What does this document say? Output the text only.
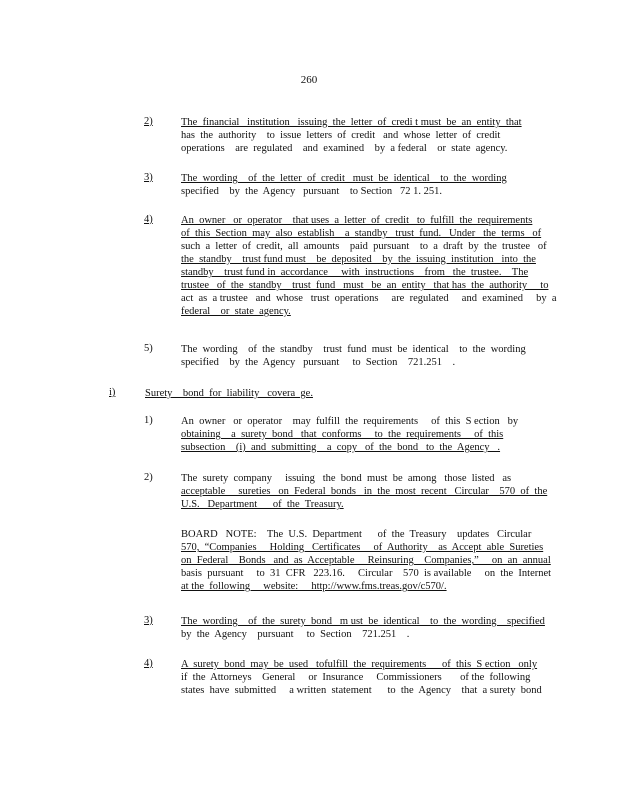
260
2)	The  financial   institution   issuing  the  letter  of  credi t must  be  an  entity  that
has  the  authority    to  issue  letters  of  credit   and  whose  letter  of  credit
operations    are  regulated    and  examined    by  a federal    or  state  agency.
3)	The  wording    of  the  letter  of  credit   must  be  identical    to  the  wording
specified    by  the  Agency   pursuant    to Section   72 1. 251.
4)	An  owner   or  operator    that uses  a  letter  of  credit   to  fulfill  the  requirements
of  this  Section  may  also  establish    a  standby   trust  fund.   Under   the  terms   of
such  a  letter  of  credit,  all  amounts    paid  pursuant    to  a  draft  by  the  trustee   of
the  standby    trust fund must    be  deposited    by  the  issuing  institution   into  the
standby    trust fund in  accordance     with  instructions    from   the  trustee.    The
trustee   of  the  standby    trust  fund   must   be  an  entity   that has  the  authority     to
act  as  a trustee   and  whose   trust  operations     are  regulated     and  examined     by  a
federal    or  state  agency.
5)	The  wording    of  the  standby    trust  fund  must  be  identical    to  the  wording
specified    by  the  Agency   pursuant     to  Section    721.251    .
i)	Surety    bond  for  liability   covera  ge.
1)	An  owner   or  operator    may  fulfill  the  requirements     of  this  S ection   by
obtaining    a  surety  bond   that  conforms     to  the  requirements     of  this
subsection    (i)  and  submitting    a  copy   of  the  bond   to  the  Agency   .
2)	The  surety  company     issuing   the  bond  must  be  among   those  listed   as
acceptable     sureties   on  Federal  bonds   in  the  most  recent   Circular    570  of  the
U.S.   Department      of  the  Treasury.
BOARD   NOTE:    The  U.S.  Department      of  the  Treasury    updates   Circular
570,  “Companies     Holding   Certificates     of  Authority    as  Accept  able  Sureties
on  Federal    Bonds   and  as  Acceptable     Reinsuring    Companies,”     on  an  annual
basis  pursuant     to  31  CFR   223.16.     Circular    570  is available     on  the  Internet
at the  following     website:     http://www.fms.treas.gov/c570/.
3)	The  wording    of  the  surety  bond   m ust  be  identical    to  the  wording    specified
by  the  Agency    pursuant     to  Section    721.251    .
4)	A  surety  bond  may  be  used   tofulfill  the  requirements      of  this  S ection   only
if  the  Attorneys    General     or  Insurance     Commissioners       of the  following
states  have  submitted     a written  statement      to  the  Agency    that  a surety  bond
